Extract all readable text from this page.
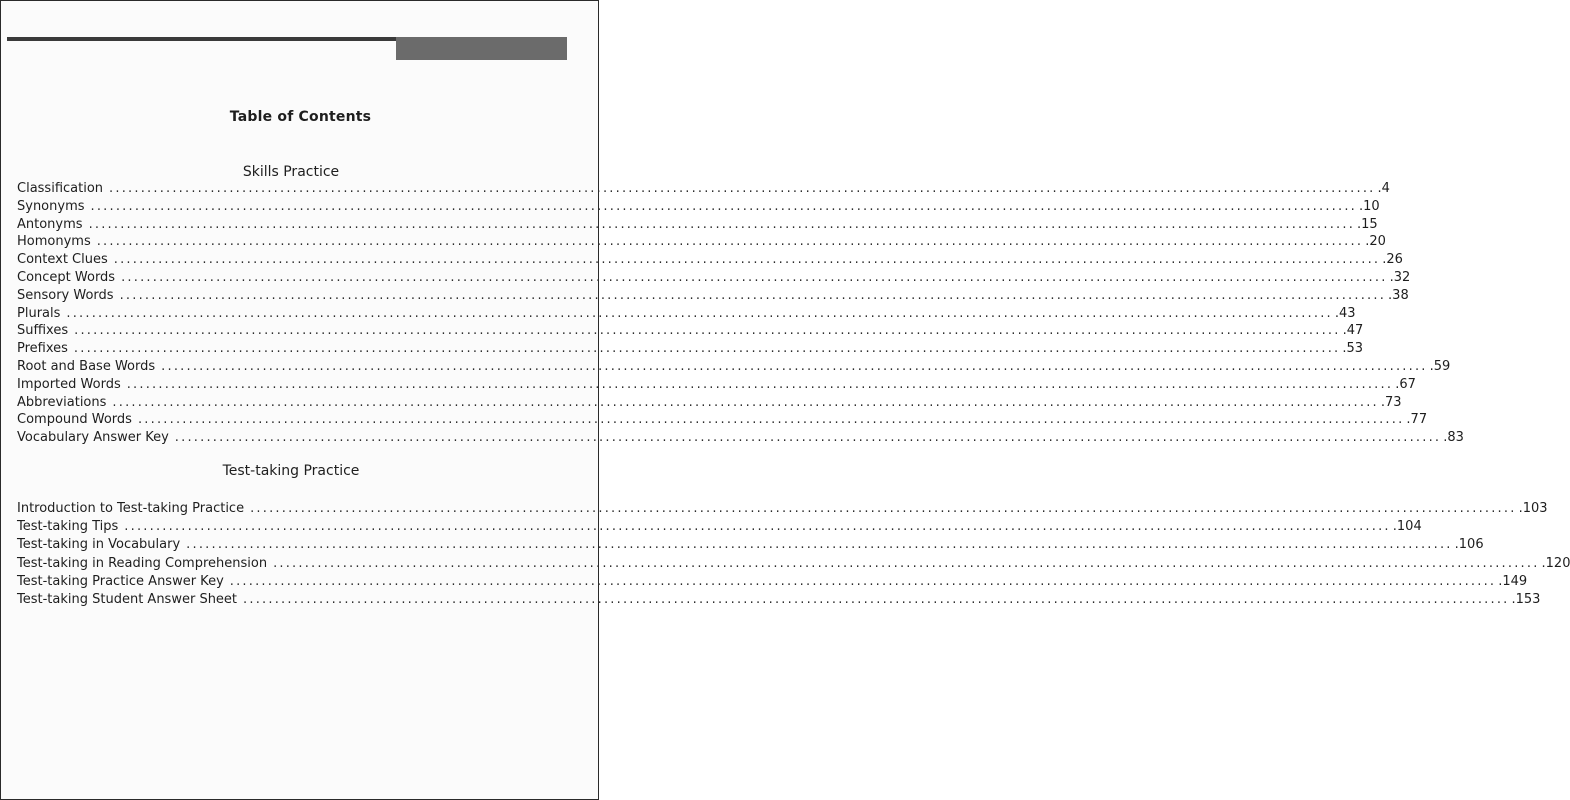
Table of Contents
Skills Practice
Classification ........................................................................................................................................................................................................ .4
Synonyms ........................................................................................................................................................................................................ .10
Antonyms ........................................................................................................................................................................................................ .15
Homonyms ........................................................................................................................................................................................................ .20
Context Clues ........................................................................................................................................................................................................ .26
Concept Words ........................................................................................................................................................................................................ .32
Sensory Words ........................................................................................................................................................................................................ .38
Plurals ........................................................................................................................................................................................................ .43
Suffixes ........................................................................................................................................................................................................ .47
Prefixes ........................................................................................................................................................................................................ .53
Root and Base Words ........................................................................................................................................................................................................ .59
Imported Words ........................................................................................................................................................................................................ .67
Abbreviations ........................................................................................................................................................................................................ .73
Compound Words ........................................................................................................................................................................................................ .77
Vocabulary Answer Key ........................................................................................................................................................................................................ .83
Test-taking Practice
Introduction to Test-taking Practice ........................................................................................................................................................................................................ .103
Test-taking Tips ........................................................................................................................................................................................................ .104
Test-taking in Vocabulary ........................................................................................................................................................................................................ .106
Test-taking in Reading Comprehension ........................................................................................................................................................................................................ .120
Test-taking Practice Answer Key ........................................................................................................................................................................................................ .149
Test-taking Student Answer Sheet ........................................................................................................................................................................................................ .153
